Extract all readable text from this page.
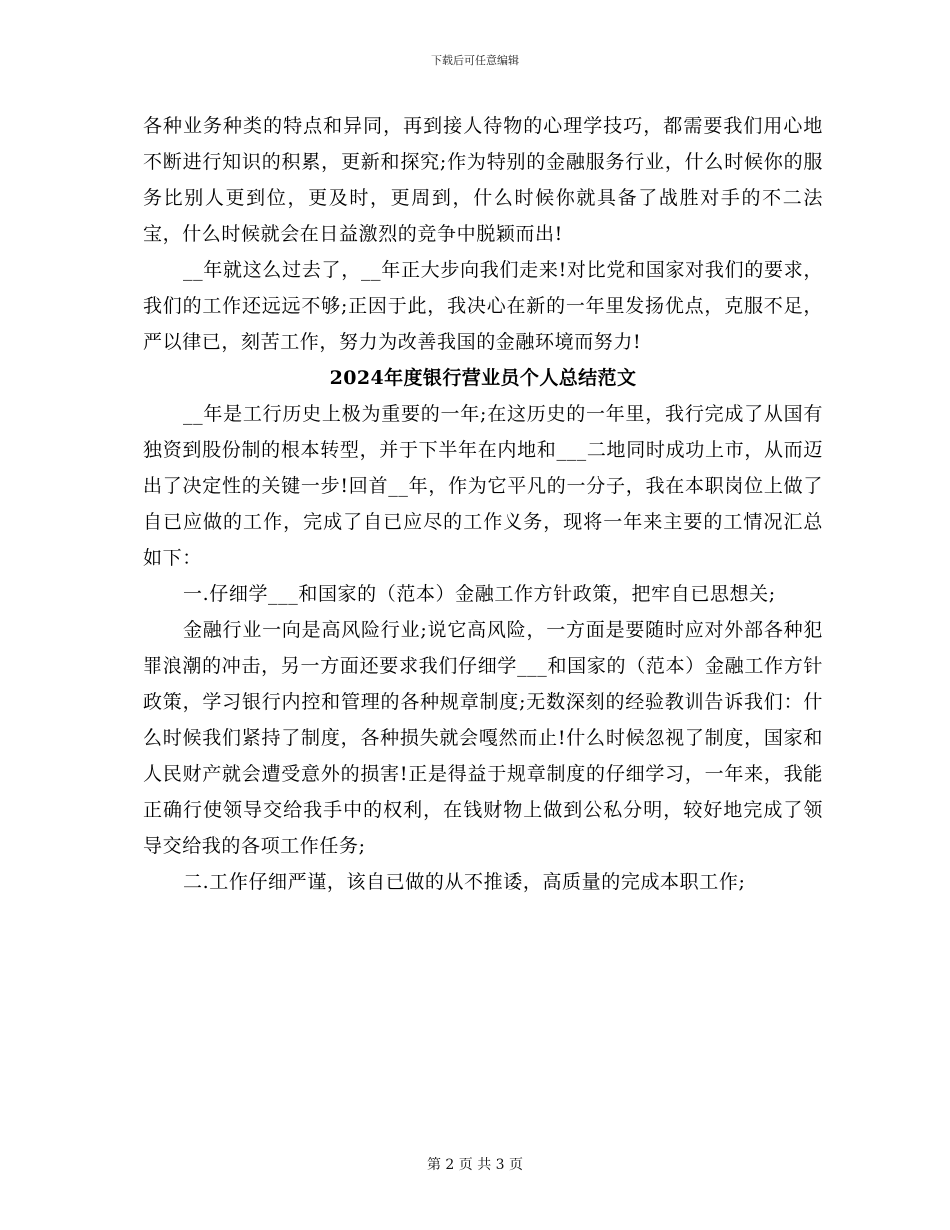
下载后可任意编辑

各种业务种类的特点和异同，再到接人待物的心理学技巧，都需要我们用心地不断进行知识的积累，更新和探究;作为特别的金融服务行业，什么时候你的服务比别人更到位，更及时，更周到，什么时候你就具备了战胜对手的不二法宝，什么时候就会在日益激烈的竞争中脱颖而出!

__年就这么过去了，__年正大步向我们走来!对比党和国家对我们的要求，我们的工作还远远不够;正因于此，我决心在新的一年里发扬优点，克服不足，严以律已，刻苦工作，努力为改善我国的金融环境而努力!

2024年度银行营业员个人总结范文

__年是工行历史上极为重要的一年;在这历史的一年里，我行完成了从国有独资到股份制的根本转型，并于下半年在内地和___二地同时成功上市，从而迈出了决定性的关键一步!回首__年，作为它平凡的一分子，我在本职岗位上做了自已应做的工作，完成了自已应尽的工作义务，现将一年来主要的工情况汇总如下：

一.仔细学___和国家的（范本）金融工作方针政策，把牢自已思想关;

金融行业一向是高风险行业;说它高风险，一方面是要随时应对外部各种犯罪浪潮的冲击，另一方面还要求我们仔细学___和国家的（范本）金融工作方针政策，学习银行内控和管理的各种规章制度;无数深刻的经验教训告诉我们：什么时候我们紧持了制度，各种损失就会嘎然而止!什么时候忽视了制度，国家和人民财产就会遭受意外的损害!正是得益于规章制度的仔细学习，一年来，我能正确行使领导交给我手中的权利，在钱财物上做到公私分明，较好地完成了领导交给我的各项工作任务;

二.工作仔细严谨，该自已做的从不推诿，高质量的完成本职工作;

第 2 页 共 3 页
